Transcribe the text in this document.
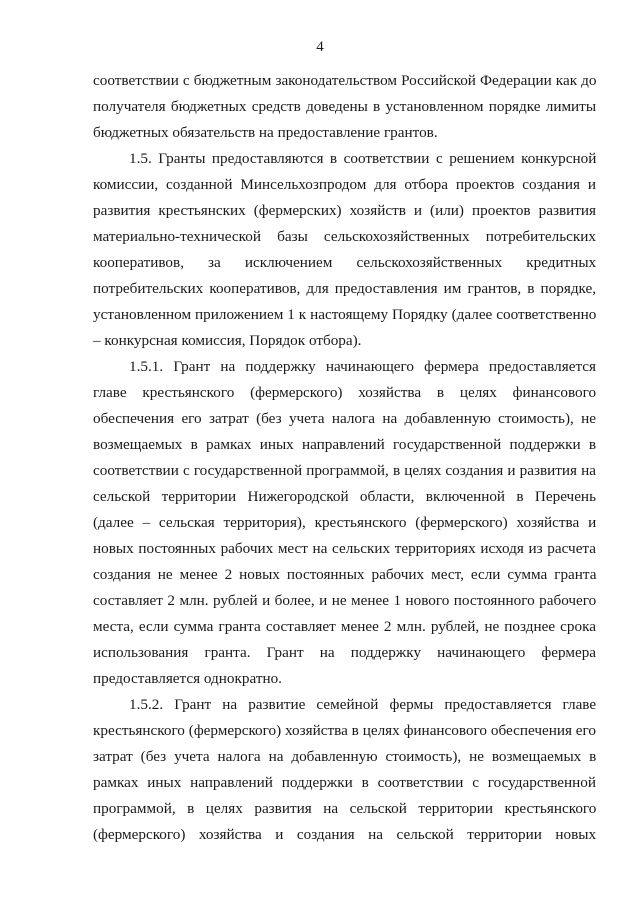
4

соответствии с бюджетным законодательством Российской Федерации как до
получателя бюджетных средств доведены в установленном порядке лимиты
бюджетных обязательств на предоставление грантов.

1.5. Гранты предоставляются в соответствии с решением конкурсной
комиссии, созданной Минсельхозпродом для отбора проектов создания и
развития крестьянских (фермерских) хозяйств и (или) проектов развития
материально-технической базы сельскохозяйственных потребительских
кооперативов, за исключением сельскохозяйственных кредитных
потребительских кооперативов, для предоставления им грантов, в порядке,
установленном приложением 1 к настоящему Порядку (далее соответственно
– конкурсная комиссия, Порядок отбора).

1.5.1. Грант на поддержку начинающего фермера предоставляется
главе крестьянского (фермерского) хозяйства в целях финансового
обеспечения его затрат (без учета налога на добавленную стоимость), не
возмещаемых в рамках иных направлений государственной поддержки в
соответствии с государственной программой, в целях создания и развития на
сельской территории Нижегородской области, включенной в Перечень
(далее – сельская территория), крестьянского (фермерского) хозяйства и
новых постоянных рабочих мест на сельских территориях исходя из расчета
создания не менее 2 новых постоянных рабочих мест, если сумма гранта
составляет 2 млн. рублей и более, и не менее 1 нового постоянного рабочего
места, если сумма гранта составляет менее 2 млн. рублей, не позднее срока
использования гранта. Грант на поддержку начинающего фермера
предоставляется однократно.

1.5.2. Грант на развитие семейной фермы предоставляется главе
крестьянского (фермерского) хозяйства в целях финансового обеспечения его
затрат (без учета налога на добавленную стоимость), не возмещаемых в
рамках иных направлений поддержки в соответствии с государственной
программой, в целях развития на сельской территории крестьянского
(фермерского) хозяйства и создания на сельской территории новых
